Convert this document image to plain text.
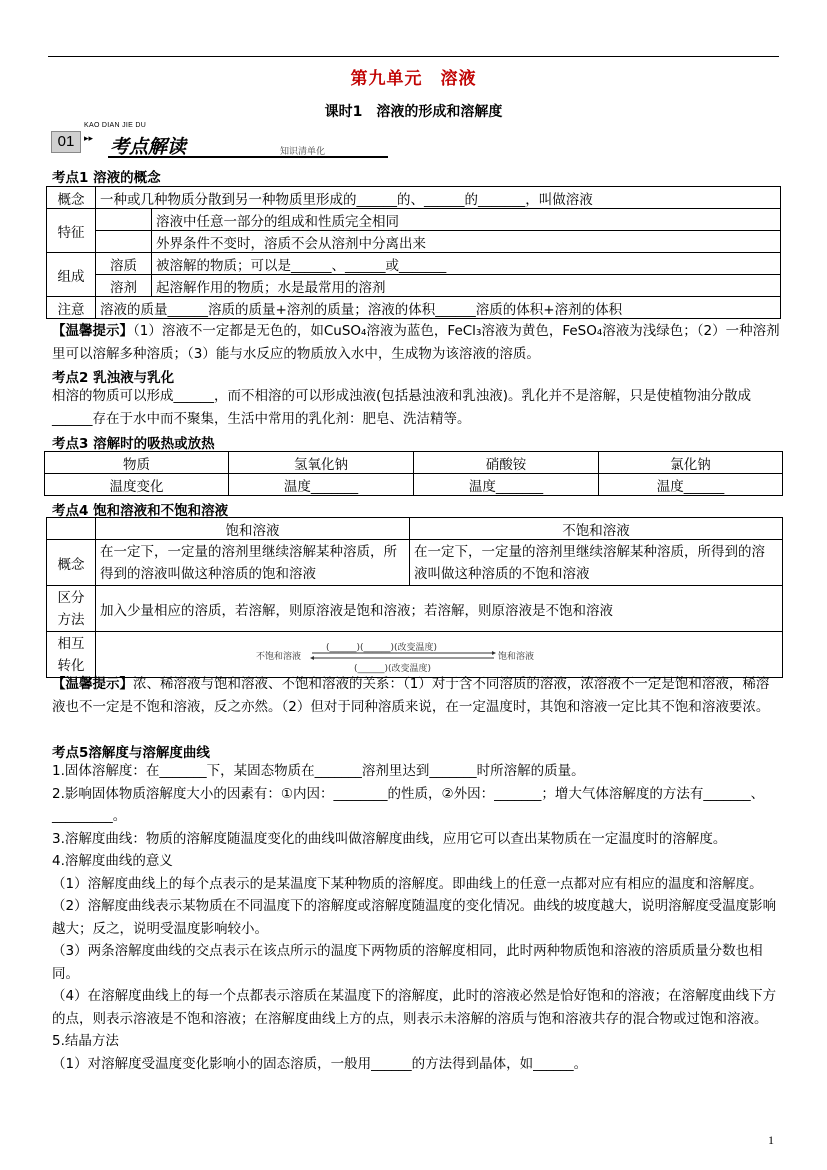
第九单元　溶液
课时1　溶液的形成和溶解度
KAO DIAN JIE DU
01	▸▸ 考点解读	知识清单化
考点1 溶液的概念
概念	一种或几种物质分散到另一种物质里形成的______的、______的_______，叫做溶液	
特征		溶液中任意一部分的组成和性质完全相同
		外界条件不变时，溶质不会从溶剂中分离出来
组成	溶质	被溶解的物质；可以是______、______或_______
	溶剂	起溶解作用的物质；水是最常用的溶剂
注意	溶液的质量______溶质的质量+溶剂的质量；溶液的体积______溶质的体积+溶剂的体积	

【温馨提示】（1）溶液不一定都是无色的，如CuSO₄溶液为蓝色，FeCl₃溶液为黄色，FeSO₄溶液为浅绿色；（2）一种溶剂里可以溶解多种溶质；（3）能与水反应的物质放入水中，生成物为该溶液的溶质。

考点2 乳浊液与乳化

相溶的物质可以形成______，而不相溶的可以形成浊液(包括悬浊液和乳浊液)。乳化并不是溶解，只是使植物油分散成______存在于水中而不聚集，生活中常用的乳化剂：肥皂、洗洁精等。

考点3 溶解时的吸热或放热
物质	氢氧化钠	硝酸铵	氯化钠
温度变化	温度_______	温度_______	温度______
考点4 饱和溶液和不饱和溶液
	饱和溶液	不饱和溶液
概念	在一定下，一定量的溶剂里继续溶解某种溶质，所得到的溶液叫做这种溶质的饱和溶液	在一定下，一定量的溶剂里继续溶解某种溶质，所得到的溶液叫做这种溶质的不饱和溶液
区分方法	加入少量相应的溶质，若溶解，则原溶液是饱和溶液；若溶解，则原溶液是不饱和溶液	
相互转化	不饱和溶液
(______)(______)(改变温度)
(______)(改变温度)
饱和溶液	

【温馨提示】浓、稀溶液与饱和溶液、不饱和溶液的关系：（1）对于含不同溶质的溶液，浓溶液不一定是饱和溶液，稀溶液也不一定是不饱和溶液，反之亦然。（2）但对于同种溶质来说，在一定温度时，其饱和溶液一定比其不饱和溶液要浓。

考点5溶解度与溶解度曲线

1.固体溶解度：在_______下，某固态物质在_______溶剂里达到_______时所溶解的质量。

2.影响固体物质溶解度大小的因素有：①内因：________的性质，②外因：_______；增大气体溶解度的方法有_______、_________。

3.溶解度曲线：物质的溶解度随温度变化的曲线叫做溶解度曲线，应用它可以查出某物质在一定温度时的溶解度。

4.溶解度曲线的意义

（1）溶解度曲线上的每个点表示的是某温度下某种物质的溶解度。即曲线上的任意一点都对应有相应的温度和溶解度。

（2）溶解度曲线表示某物质在不同温度下的溶解度或溶解度随温度的变化情况。曲线的坡度越大，说明溶解度受温度影响越大；反之，说明受温度影响较小。

（3）两条溶解度曲线的交点表示在该点所示的温度下两物质的溶解度相同，此时两种物质饱和溶液的溶质质量分数也相同。

（4）在溶解度曲线上的每一个点都表示溶质在某温度下的溶解度，此时的溶液必然是恰好饱和的溶液；在溶解度曲线下方的点，则表示溶液是不饱和溶液；在溶解度曲线上方的点，则表示未溶解的溶质与饱和溶液共存的混合物或过饱和溶液。

5.结晶方法

（1）对溶解度受温度变化影响小的固态溶质，一般用______的方法得到晶体，如______。

1
